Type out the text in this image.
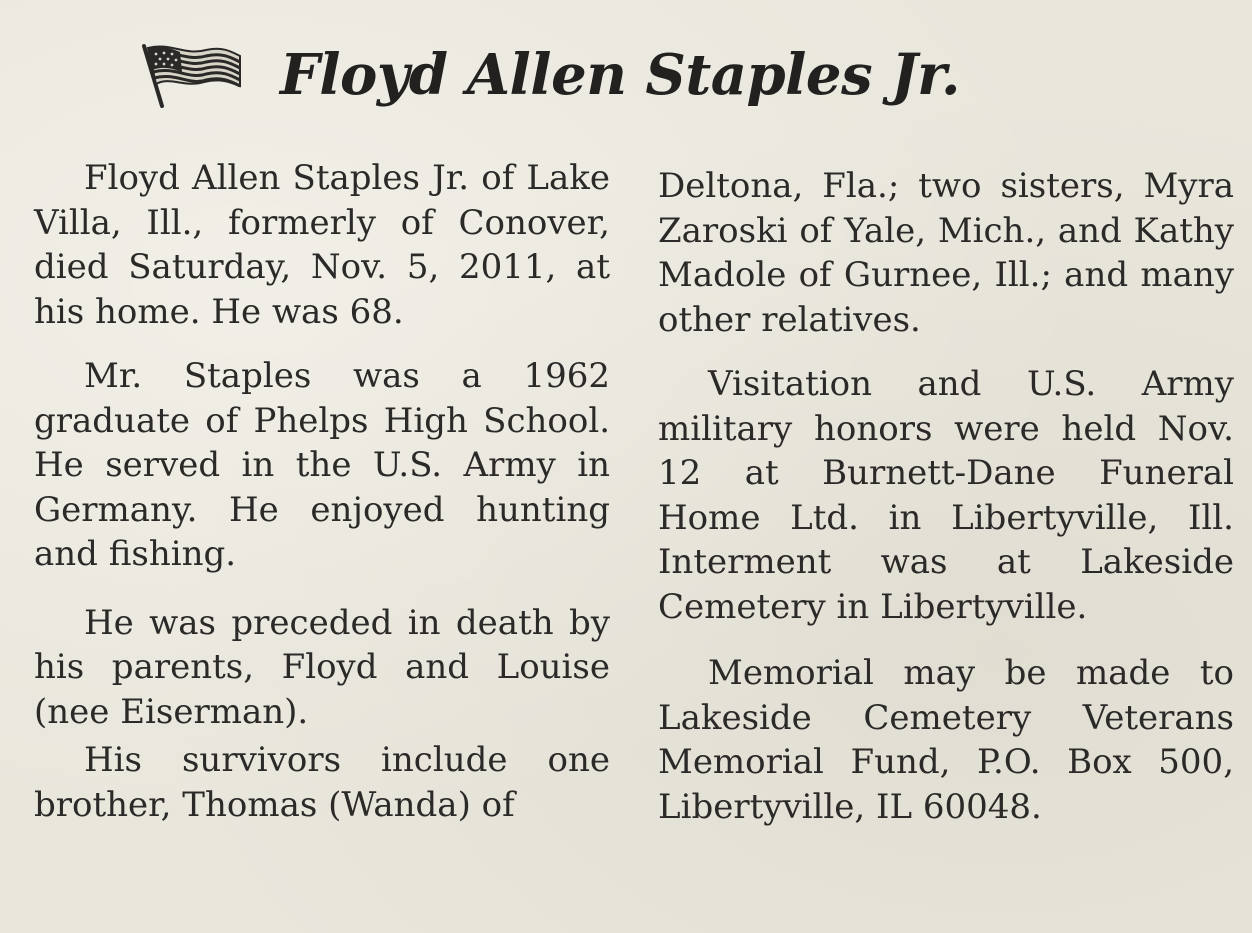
Floyd Allen Staples Jr.

Floyd Allen Staples Jr. of Lake Villa, Ill., formerly of Conover, died Saturday, Nov. 5, 2011, at his home. He was 68.

Mr. Staples was a 1962 graduate of Phelps High School. He served in the U.S. Army in Germany. He enjoyed hunting and fishing.

He was preceded in death by his parents, Floyd and Louise (nee Eiserman).

His survivors include one brother, Thomas (Wanda) of

Deltona, Fla.; two sisters, Myra Zaroski of Yale, Mich., and Kathy Madole of Gurnee, Ill.; and many other relatives.

Visitation and U.S. Army military honors were held Nov. 12 at Burnett-Dane Funeral Home Ltd. in Libertyville, Ill. Interment was at Lakeside Cemetery in Libertyville.

Memorial may be made to Lakeside Cemetery Veterans Memorial Fund, P.O. Box 500, Libertyville, IL 60048.
